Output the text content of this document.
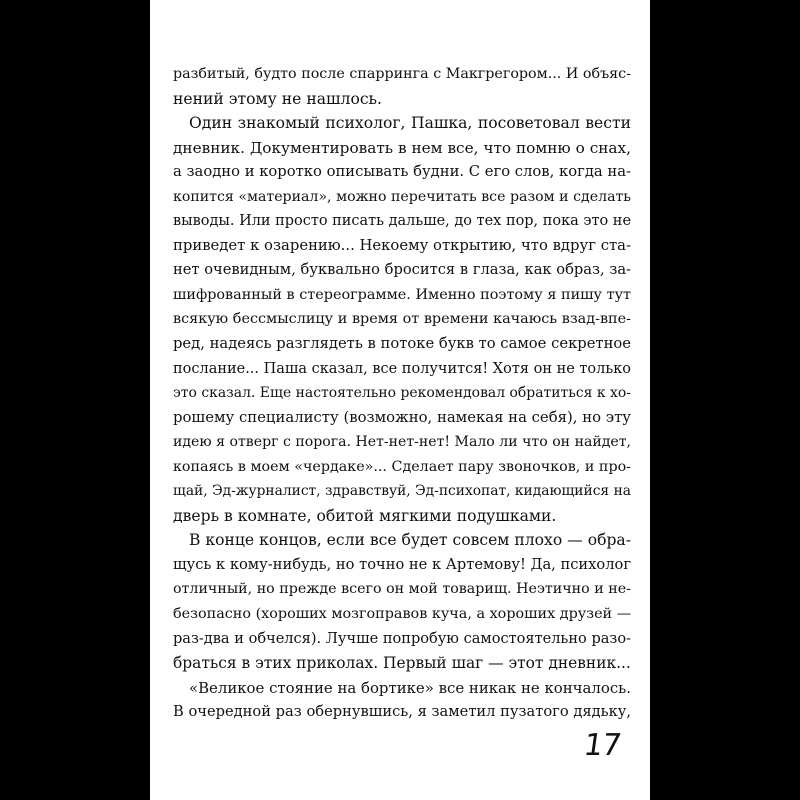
разбитый, будто после спарринга с Макгрегором... И объяс-
нений этому не нашлось.
Один знакомый психолог, Пашка, посоветовал вести
дневник. Документировать в нем все, что помню о снах,
а заодно и коротко описывать будни. С его слов, когда на-
копится «материал», можно перечитать все разом и сделать
выводы. Или просто писать дальше, до тех пор, пока это не
приведет к озарению... Некоему открытию, что вдруг ста-
нет очевидным, буквально бросится в глаза, как образ, за-
шифрованный в стереограмме. Именно поэтому я пишу тут
всякую бессмыслицу и время от времени качаюсь взад-впе-
ред, надеясь разглядеть в потоке букв то самое секретное
послание... Паша сказал, все получится! Хотя он не только
это сказал. Еще настоятельно рекомендовал обратиться к хо-
рошему специалисту (возможно, намекая на себя), но эту
идею я отверг с порога. Нет-нет-нет! Мало ли что он найдет,
копаясь в моем «чердаке»... Сделает пару звоночков, и про-
щай, Эд-журналист, здравствуй, Эд-психопат, кидающийся на
дверь в комнате, обитой мягкими подушками.
В конце концов, если все будет совсем плохо — обра-
щусь к кому-нибудь, но точно не к Артемову! Да, психолог
отличный, но прежде всего он мой товарищ. Неэтично и не-
безопасно (хороших мозгоправов куча, а хороших друзей —
раз-два и обчелся). Лучше попробую самостоятельно разо-
браться в этих приколах. Первый шаг — этот дневник...
«Великое стояние на бортике» все никак не кончалось.
В очередной раз обернувшись, я заметил пузатого дядьку,
17
